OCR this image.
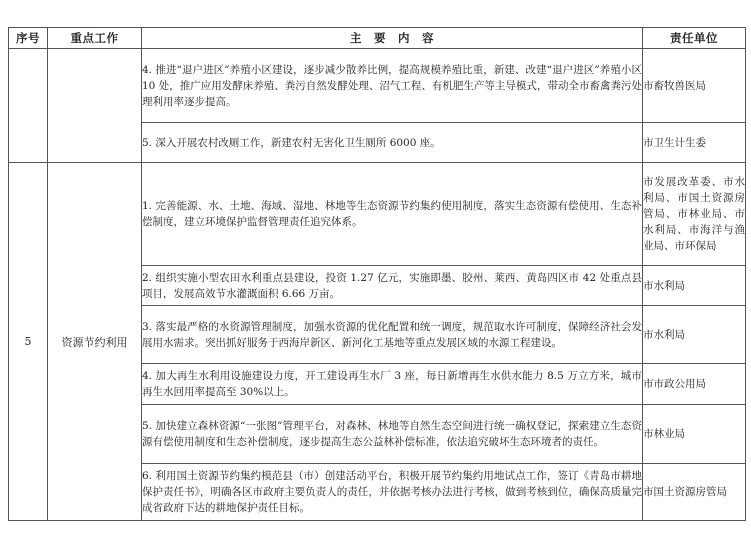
序号	重点工作	主　要　内　容	责任单位
		4. 推进“退户进区”养殖小区建设，逐步减少散养比例，提高规模养殖比重，新建、改建“退户进区”养殖小区 10 处，推广应用发酵床养殖、粪污自然发酵处理、沼气工程、有机肥生产等主导模式，带动全市畜禽粪污处理利用率逐步提高。	市畜牧兽医局
		5. 深入开展农村改厕工作，新建农村无害化卫生厕所 6000 座。	市卫生计生委
5	资源节约利用	1. 完善能源、水、土地、海域、湿地、林地等生态资源节约集约使用制度，落实生态资源有偿使用、生态补偿制度，建立环境保护监督管理责任追究体系。	市发展改革委、市水利局、市国土资源房管局、市林业局、市水利局、市海洋与渔业局、市环保局
		2. 组织实施小型农田水利重点县建设，投资 1.27 亿元，实施即墨、胶州、莱西、黄岛四区市 42 处重点县项目，发展高效节水灌溉面积 6.66 万亩。	市水利局
		3. 落实最严格的水资源管理制度，加强水资源的优化配置和统一调度，规范取水许可制度，保障经济社会发展用水需求。突出抓好服务于西海岸新区、新河化工基地等重点发展区域的水源工程建设。	市水利局
		4. 加大再生水利用设施建设力度，开工建设再生水厂 3 座，每日新增再生水供水能力 8.5 万立方米，城市再生水回用率提高至 30%以上。	市市政公用局
		5. 加快建立森林资源“一张图”管理平台，对森林、林地等自然生态空间进行统一确权登记，探索建立生态资源有偿使用制度和生态补偿制度，逐步提高生态公益林补偿标准，依法追究破坏生态环境者的责任。	市林业局
		6. 利用国土资源节约集约模范县（市）创建活动平台，积极开展节约集约用地试点工作，签订《青岛市耕地保护责任书》，明确各区市政府主要负责人的责任，并依据考核办法进行考核，做到考核到位，确保高质量完成省政府下达的耕地保护责任目标。	市国土资源房管局
